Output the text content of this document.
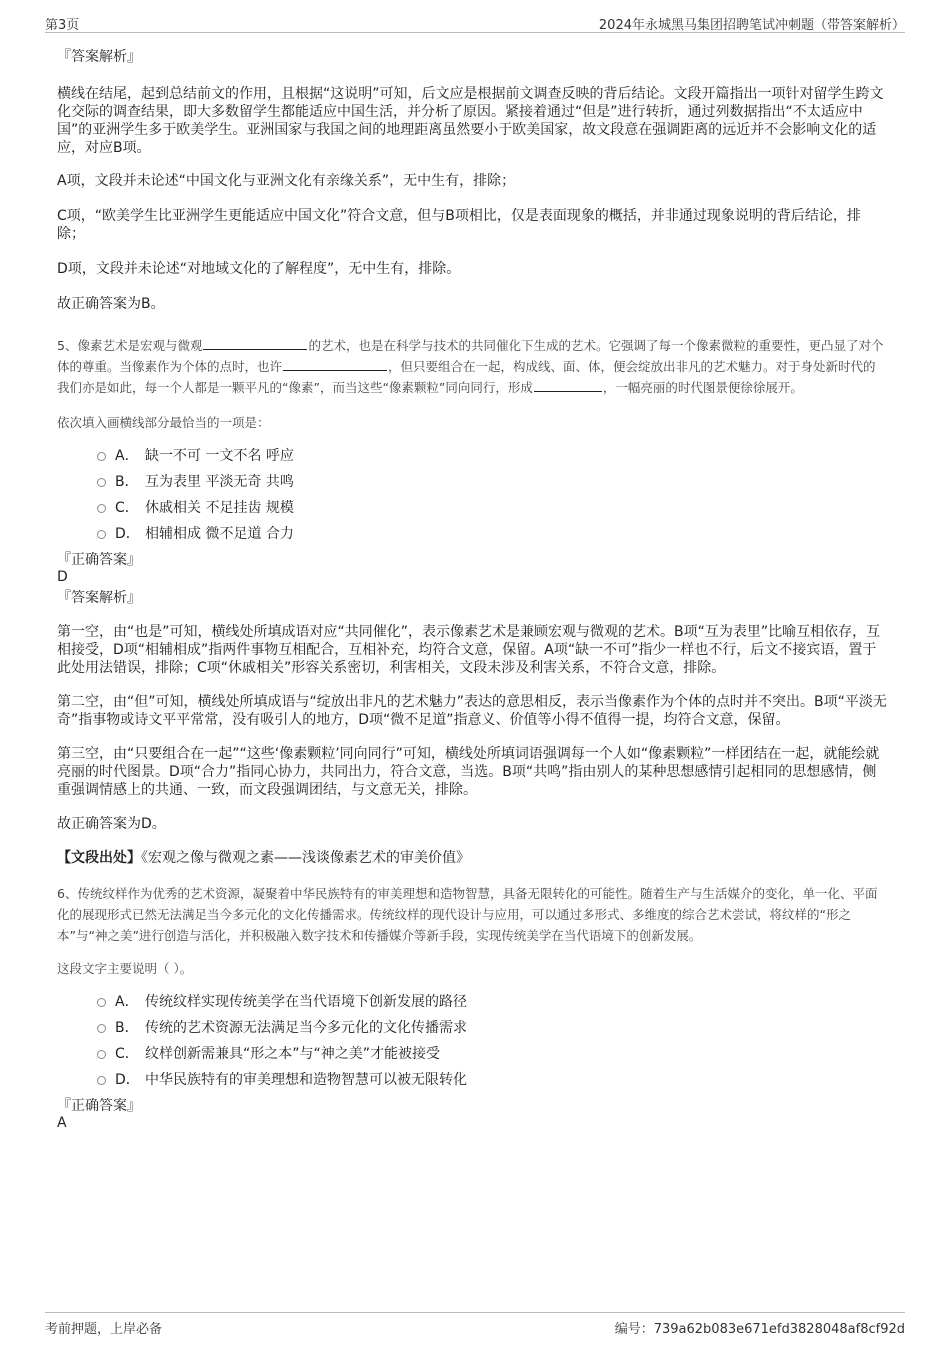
第3页	2024年永城黑马集团招聘笔试冲刺题（带答案解析）

『答案解析』

横线在结尾，起到总结前文的作用，且根据“这说明”可知，后文应是根据前文调查反映的背后结论。文段开篇指出一项针对留学生跨文化交际的调查结果，即大多数留学生都能适应中国生活，并分析了原因。紧接着通过“但是”进行转折，通过列数据指出“不太适应中国”的亚洲学生多于欧美学生。亚洲国家与我国之间的地理距离虽然要小于欧美国家，故文段意在强调距离的远近并不会影响文化的适应，对应B项。

A项，文段并未论述“中国文化与亚洲文化有亲缘关系”，无中生有，排除；

C项，“欧美学生比亚洲学生更能适应中国文化”符合文意，但与B项相比，仅是表面现象的概括，并非通过现象说明的背后结论，排除；

D项，文段并未论述“对地域文化的了解程度”，无中生有，排除。

故正确答案为B。

5、像素艺术是宏观与微观	的艺术，也是在科学与技术的共同催化下生成的艺术。它强调了每一个像素微粒的重要性，更凸显了对个体的尊重。当像素作为个体的点时，也许	，但只要组合在一起，构成线、面、体，便会绽放出非凡的艺术魅力。对于身处新时代的我们亦是如此，每一个人都是一颗平凡的“像素”，而当这些“像素颗粒”同向同行，形成	，一幅亮丽的时代图景便徐徐展开。

依次填入画横线部分最恰当的一项是：

A． 缺一不可 一文不名 呼应
B． 互为表里 平淡无奇 共鸣
C． 休戚相关 不足挂齿 规模
D． 相辅相成 微不足道 合力

『正确答案』

D

『答案解析』

第一空，由“也是”可知，横线处所填成语对应“共同催化”，表示像素艺术是兼顾宏观与微观的艺术。B项“互为表里”比喻互相依存，互相接受，D项“相辅相成”指两件事物互相配合，互相补充，均符合文意，保留。A项“缺一不可”指少一样也不行，后文不接宾语，置于此处用法错误，排除；C项“休戚相关”形容关系密切，利害相关，文段未涉及利害关系，不符合文意，排除。

第二空，由“但”可知，横线处所填成语与“绽放出非凡的艺术魅力”表达的意思相反，表示当像素作为个体的点时并不突出。B项“平淡无奇”指事物或诗文平平常常，没有吸引人的地方，D项“微不足道”指意义、价值等小得不值得一提，均符合文意，保留。

第三空，由“只要组合在一起”“这些‘像素颗粒’同向同行”可知，横线处所填词语强调每一个人如“像素颗粒”一样团结在一起，就能绘就亮丽的时代图景。D项“合力”指同心协力，共同出力，符合文意，当选。B项“共鸣”指由别人的某种思想感情引起相同的思想感情，侧重强调情感上的共通、一致，而文段强调团结，与文意无关，排除。

故正确答案为D。

【文段出处】《宏观之像与微观之素——浅谈像素艺术的审美价值》

6、传统纹样作为优秀的艺术资源，凝聚着中华民族特有的审美理想和造物智慧，具备无限转化的可能性。随着生产与生活媒介的变化，单一化、平面化的展现形式已然无法满足当今多元化的文化传播需求。传统纹样的现代设计与应用，可以通过多形式、多维度的综合艺术尝试，将纹样的“形之本”与“神之美”进行创造与活化，并积极融入数字技术和传播媒介等新手段，实现传统美学在当代语境下的创新发展。

这段文字主要说明（ ）。

A． 传统纹样实现传统美学在当代语境下创新发展的路径
B． 传统的艺术资源无法满足当今多元化的文化传播需求
C． 纹样创新需兼具“形之本”与“神之美”才能被接受
D． 中华民族特有的审美理想和造物智慧可以被无限转化

『正确答案』

A

考前押题，上岸必备	编号：739a62b083e671efd3828048af8cf92d
